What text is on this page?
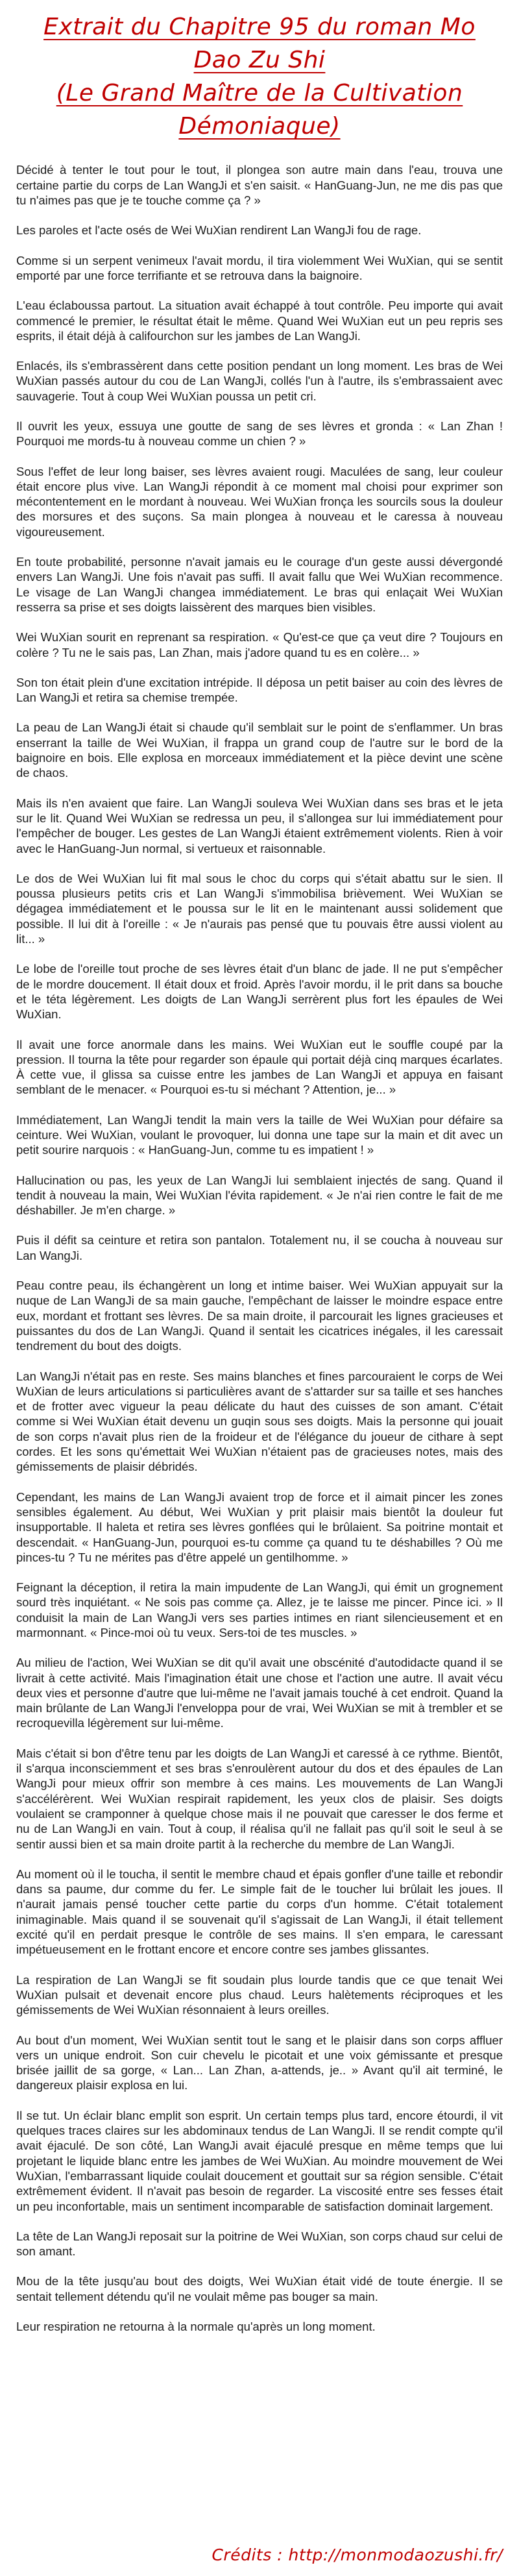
Extrait du Chapitre 95 du roman Mo Dao Zu Shi
(Le Grand Maître de la Cultivation Démoniaque)

Décidé à tenter le tout pour le tout, il plongea son autre main dans l'eau, trouva une certaine partie du corps de Lan WangJi et s'en saisit. « HanGuang-Jun, ne me dis pas que tu n'aimes pas que je te touche comme ça ? »

Les paroles et l'acte osés de Wei WuXian rendirent Lan WangJi fou de rage.

Comme si un serpent venimeux l'avait mordu, il tira violemment Wei WuXian, qui se sentit emporté par une force terrifiante et se retrouva dans la baignoire.

L'eau éclaboussa partout. La situation avait échappé à tout contrôle. Peu importe qui avait commencé le premier, le résultat était le même. Quand Wei WuXian eut un peu repris ses esprits, il était déjà à califourchon sur les jambes de Lan WangJi.

Enlacés, ils s'embrassèrent dans cette position pendant un long moment. Les bras de Wei WuXian passés autour du cou de Lan WangJi, collés l'un à l'autre, ils s'embrassaient avec sauvagerie. Tout à coup Wei WuXian poussa un petit cri.

Il ouvrit les yeux, essuya une goutte de sang de ses lèvres et gronda : « Lan Zhan ! Pourquoi me mords-tu à nouveau comme un chien ? »

Sous l'effet de leur long baiser, ses lèvres avaient rougi. Maculées de sang, leur couleur était encore plus vive. Lan WangJi répondit à ce moment mal choisi pour exprimer son mécontentement en le mordant à nouveau. Wei WuXian fronça les sourcils sous la douleur des morsures et des suçons. Sa main plongea à nouveau et le caressa à nouveau vigoureusement.

En toute probabilité, personne n'avait jamais eu le courage d'un geste aussi dévergondé envers Lan WangJi. Une fois n'avait pas suffi. Il avait fallu que Wei WuXian recommence. Le visage de Lan WangJi changea immédiatement. Le bras qui enlaçait Wei WuXian resserra sa prise et ses doigts laissèrent des marques bien visibles.

Wei WuXian sourit en reprenant sa respiration. « Qu'est-ce que ça veut dire ? Toujours en colère ? Tu ne le sais pas, Lan Zhan, mais j'adore quand tu es en colère... »

Son ton était plein d'une excitation intrépide. Il déposa un petit baiser au coin des lèvres de Lan WangJi et retira sa chemise trempée.

La peau de Lan WangJi était si chaude qu'il semblait sur le point de s'enflammer. Un bras enserrant la taille de Wei WuXian, il frappa un grand coup de l'autre sur le bord de la baignoire en bois. Elle explosa en morceaux immédiatement et la pièce devint une scène de chaos.

Mais ils n'en avaient que faire. Lan WangJi souleva Wei WuXian dans ses bras et le jeta sur le lit. Quand Wei WuXian se redressa un peu, il s'allongea sur lui immédiatement pour l'empêcher de bouger. Les gestes de Lan WangJi étaient extrêmement violents. Rien à voir avec le HanGuang-Jun normal, si vertueux et raisonnable.

Le dos de Wei WuXian lui fit mal sous le choc du corps qui s'était abattu sur le sien. Il poussa plusieurs petits cris et Lan WangJi s'immobilisa brièvement. Wei WuXian se dégagea immédiatement et le poussa sur le lit en le maintenant aussi solidement que possible. Il lui dit à l'oreille : « Je n'aurais pas pensé que tu pouvais être aussi violent au lit... »

Le lobe de l'oreille tout proche de ses lèvres était d'un blanc de jade. Il ne put s'empêcher de le mordre doucement. Il était doux et froid. Après l'avoir mordu, il le prit dans sa bouche et le téta légèrement. Les doigts de Lan WangJi serrèrent plus fort les épaules de Wei WuXian.

Il avait une force anormale dans les mains. Wei WuXian eut le souffle coupé par la pression. Il tourna la tête pour regarder son épaule qui portait déjà cinq marques écarlates. À cette vue, il glissa sa cuisse entre les jambes de Lan WangJi et appuya en faisant semblant de le menacer. « Pourquoi es-tu si méchant ? Attention, je... »

Immédiatement, Lan WangJi tendit la main vers la taille de Wei WuXian pour défaire sa ceinture. Wei WuXian, voulant le provoquer, lui donna une tape sur la main et dit avec un petit sourire narquois : « HanGuang-Jun, comme tu es impatient ! »

Hallucination ou pas, les yeux de Lan WangJi lui semblaient injectés de sang. Quand il tendit à nouveau la main, Wei WuXian l'évita rapidement. « Je n'ai rien contre le fait de me déshabiller. Je m'en charge. »

Puis il défit sa ceinture et retira son pantalon. Totalement nu, il se coucha à nouveau sur Lan WangJi.

Peau contre peau, ils échangèrent un long et intime baiser. Wei WuXian appuyait sur la nuque de Lan WangJi de sa main gauche, l'empêchant de laisser le moindre espace entre eux, mordant et frottant ses lèvres. De sa main droite, il parcourait les lignes gracieuses et puissantes du dos de Lan WangJi. Quand il sentait les cicatrices inégales, il les caressait tendrement du bout des doigts.

Lan WangJi n'était pas en reste. Ses mains blanches et fines parcouraient le corps de Wei WuXian de leurs articulations si particulières avant de s'attarder sur sa taille et ses hanches et de frotter avec vigueur la peau délicate du haut des cuisses de son amant. C'était comme si Wei WuXian était devenu un guqin sous ses doigts. Mais la personne qui jouait de son corps n'avait plus rien de la froideur et de l'élégance du joueur de cithare à sept cordes. Et les sons qu'émettait Wei WuXian n'étaient pas de gracieuses notes, mais des gémissements de plaisir débridés.

Cependant, les mains de Lan WangJi avaient trop de force et il aimait pincer les zones sensibles également. Au début, Wei WuXian y prit plaisir mais bientôt la douleur fut insupportable. Il haleta et retira ses lèvres gonflées qui le brûlaient. Sa poitrine montait et descendait. « HanGuang-Jun, pourquoi es-tu comme ça quand tu te déshabilles ? Où me pinces-tu ? Tu ne mérites pas d'être appelé un gentilhomme. »

Feignant la déception, il retira la main impudente de Lan WangJi, qui émit un grognement sourd très inquiétant. « Ne sois pas comme ça. Allez, je te laisse me pincer. Pince ici. » Il conduisit la main de Lan WangJi vers ses parties intimes en riant silencieusement et en marmonnant. « Pince-moi où tu veux. Sers-toi de tes muscles. »

Au milieu de l'action, Wei WuXian se dit qu'il avait une obscénité d'autodidacte quand il se livrait à cette activité. Mais l'imagination était une chose et l'action une autre. Il avait vécu deux vies et personne d'autre que lui-même ne l'avait jamais touché à cet endroit. Quand la main brûlante de Lan WangJi l'enveloppa pour de vrai, Wei WuXian se mit à trembler et se recroquevilla légèrement sur lui-même.

Mais c'était si bon d'être tenu par les doigts de Lan WangJi et caressé à ce rythme. Bientôt, il s'arqua inconsciemment et ses bras s'enroulèrent autour du dos et des épaules de Lan WangJi pour mieux offrir son membre à ces mains. Les mouvements de Lan WangJi s'accélérèrent. Wei WuXian respirait rapidement, les yeux clos de plaisir. Ses doigts voulaient se cramponner à quelque chose mais il ne pouvait que caresser le dos ferme et nu de Lan WangJi en vain. Tout à coup, il réalisa qu'il ne fallait pas qu'il soit le seul à se sentir aussi bien et sa main droite partit à la recherche du membre de Lan WangJi.

Au moment où il le toucha, il sentit le membre chaud et épais gonfler d'une taille et rebondir dans sa paume, dur comme du fer. Le simple fait de le toucher lui brûlait les joues. Il n'aurait jamais pensé toucher cette partie du corps d'un homme. C'était totalement inimaginable. Mais quand il se souvenait qu'il s'agissait de Lan WangJi, il était tellement excité qu'il en perdait presque le contrôle de ses mains. Il s'en empara, le caressant impétueusement en le frottant encore et encore contre ses jambes glissantes.

La respiration de Lan WangJi se fit soudain plus lourde tandis que ce que tenait Wei WuXian pulsait et devenait encore plus chaud. Leurs halètements réciproques et les gémissements de Wei WuXian résonnaient à leurs oreilles.

Au bout d'un moment, Wei WuXian sentit tout le sang et le plaisir dans son corps affluer vers un unique endroit. Son cuir chevelu le picotait et une voix gémissante et presque brisée jaillit de sa gorge, « Lan... Lan Zhan, a-attends, je.. » Avant qu'il ait terminé, le dangereux plaisir explosa en lui.

Il se tut. Un éclair blanc emplit son esprit. Un certain temps plus tard, encore étourdi, il vit quelques traces claires sur les abdominaux tendus de Lan WangJi. Il se rendit compte qu'il avait éjaculé. De son côté, Lan WangJi avait éjaculé presque en même temps que lui projetant le liquide blanc entre les jambes de Wei WuXian. Au moindre mouvement de Wei WuXian, l'embarrassant liquide coulait doucement et gouttait sur sa région sensible. C'était extrêmement évident. Il n'avait pas besoin de regarder. La viscosité entre ses fesses était un peu inconfortable, mais un sentiment incomparable de satisfaction dominait largement.

La tête de Lan WangJi reposait sur la poitrine de Wei WuXian, son corps chaud sur celui de son amant.

Mou de la tête jusqu'au bout des doigts, Wei WuXian était vidé de toute énergie. Il se sentait tellement détendu qu'il ne voulait même pas bouger sa main.

Leur respiration ne retourna à la normale qu'après un long moment.

Crédits : http://monmodaozushi.fr/
